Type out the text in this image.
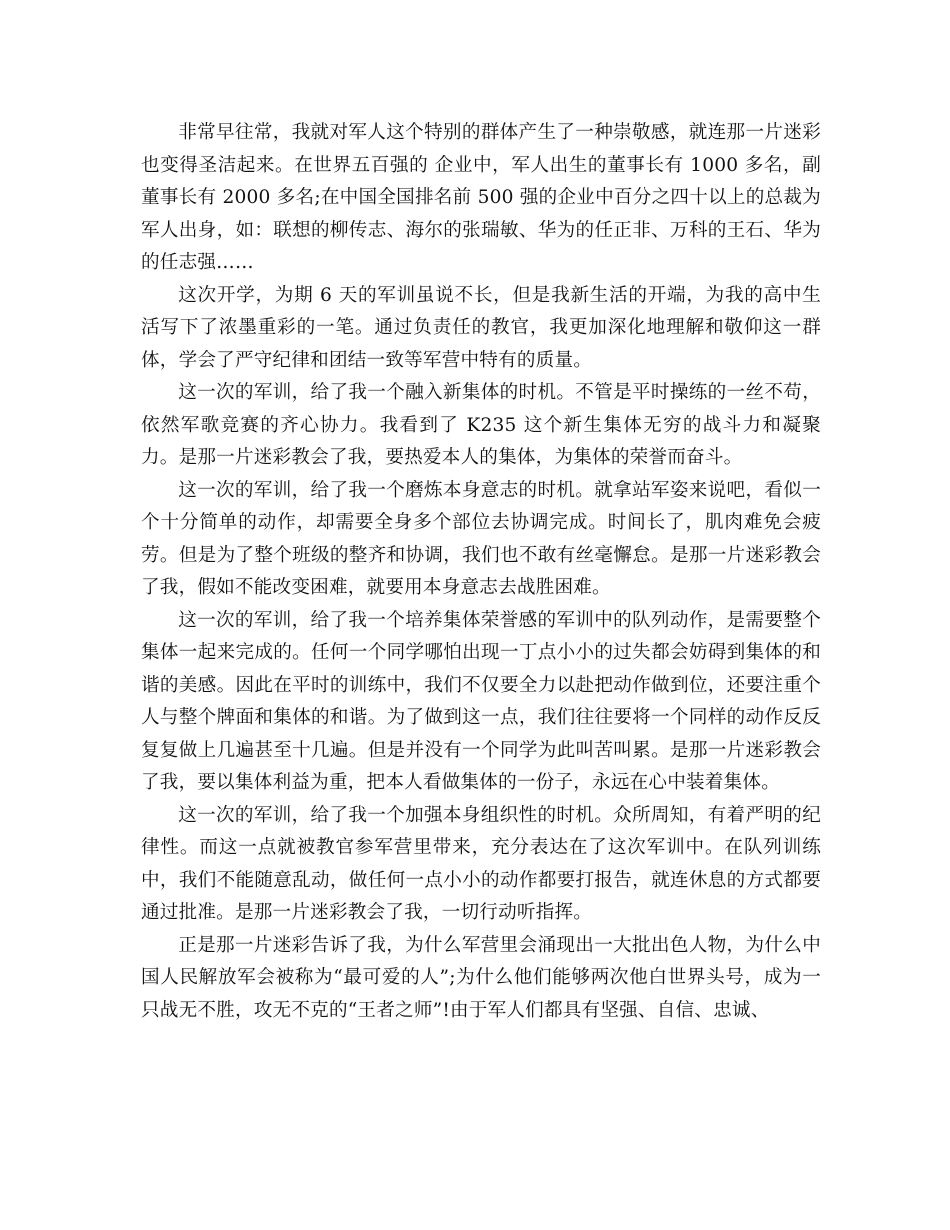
非常早往常，我就对军人这个特别的群体产生了一种崇敬感，就连那一片迷彩也变得圣洁起来。在世界五百强的 企业中，军人出生的董事长有 1000 多名，副董事长有 2000 多名;在中国全国排名前 500 强的企业中百分之四十以上的总裁为军人出身，如：联想的柳传志、海尔的张瑞敏、华为的任正非、万科的王石、华为的任志强……

这次开学，为期 6 天的军训虽说不长，但是我新生活的开端，为我的高中生活写下了浓墨重彩的一笔。通过负责任的教官，我更加深化地理解和敬仰这一群体，学会了严守纪律和团结一致等军营中特有的质量。

这一次的军训，给了我一个融入新集体的时机。不管是平时操练的一丝不苟，依然军歌竞赛的齐心协力。我看到了 K235 这个新生集体无穷的战斗力和凝聚力。是那一片迷彩教会了我，要热爱本人的集体，为集体的荣誉而奋斗。

这一次的军训，给了我一个磨炼本身意志的时机。就拿站军姿来说吧，看似一个十分简单的动作，却需要全身多个部位去协调完成。时间长了，肌肉难免会疲劳。但是为了整个班级的整齐和协调，我们也不敢有丝毫懈怠。是那一片迷彩教会了我，假如不能改变困难，就要用本身意志去战胜困难。

这一次的军训，给了我一个培养集体荣誉感的军训中的队列动作，是需要整个集体一起来完成的。任何一个同学哪怕出现一丁点小小的过失都会妨碍到集体的和谐的美感。因此在平时的训练中，我们不仅要全力以赴把动作做到位，还要注重个人与整个牌面和集体的和谐。为了做到这一点，我们往往要将一个同样的动作反反复复做上几遍甚至十几遍。但是并没有一个同学为此叫苦叫累。是那一片迷彩教会了我，要以集体利益为重，把本人看做集体的一份子，永远在心中装着集体。

这一次的军训，给了我一个加强本身组织性的时机。众所周知，有着严明的纪律性。而这一点就被教官参军营里带来，充分表达在了这次军训中。在队列训练中，我们不能随意乱动，做任何一点小小的动作都要打报告，就连休息的方式都要通过批准。是那一片迷彩教会了我，一切行动听指挥。

正是那一片迷彩告诉了我，为什么军营里会涌现出一大批出色人物，为什么中国人民解放军会被称为“最可爱的人”;为什么他们能够两次他白世界头号，成为一只战无不胜，攻无不克的“王者之师”!由于军人们都具有坚强、自信、忠诚、
